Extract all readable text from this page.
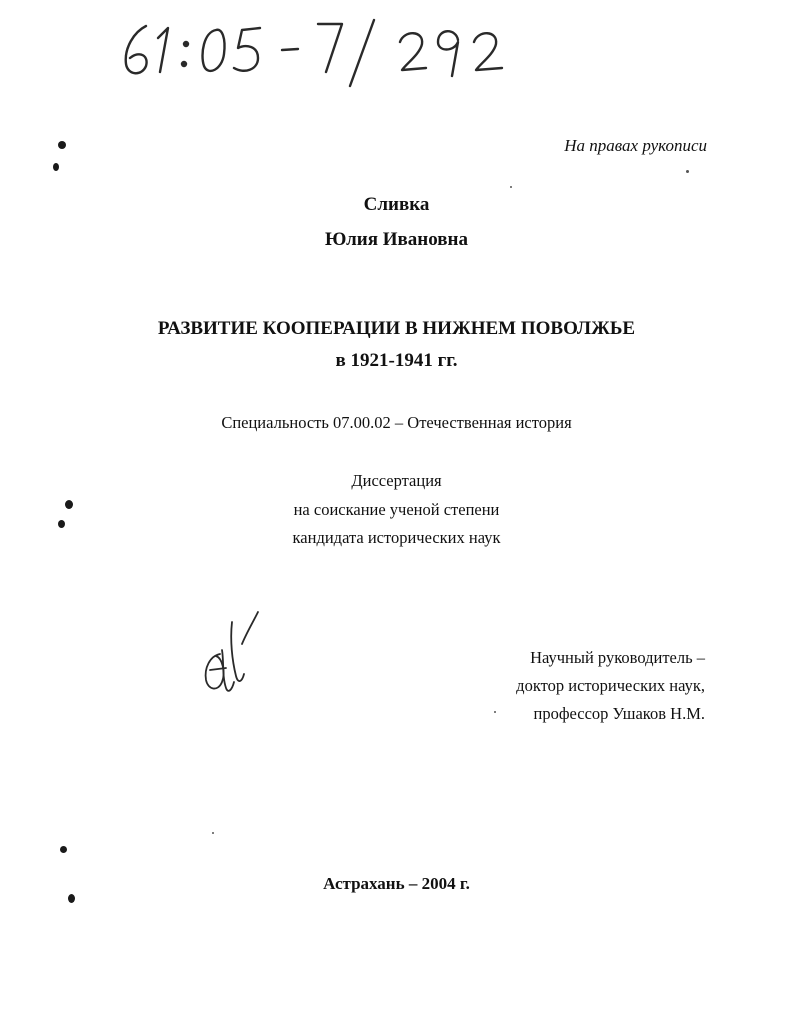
На правах рукописи
Сливка
Юлия Ивановна
РАЗВИТИЕ КООПЕРАЦИИ В НИЖНЕМ ПОВОЛЖЬЕ
в 1921-1941 гг.
Специальность 07.00.02 – Отечественная история
Диссертация
на соискание ученой степени
кандидата исторических наук
Научный руководитель –
доктор исторических наук,
профессор Ушаков Н.М.
Астрахань – 2004 г.
